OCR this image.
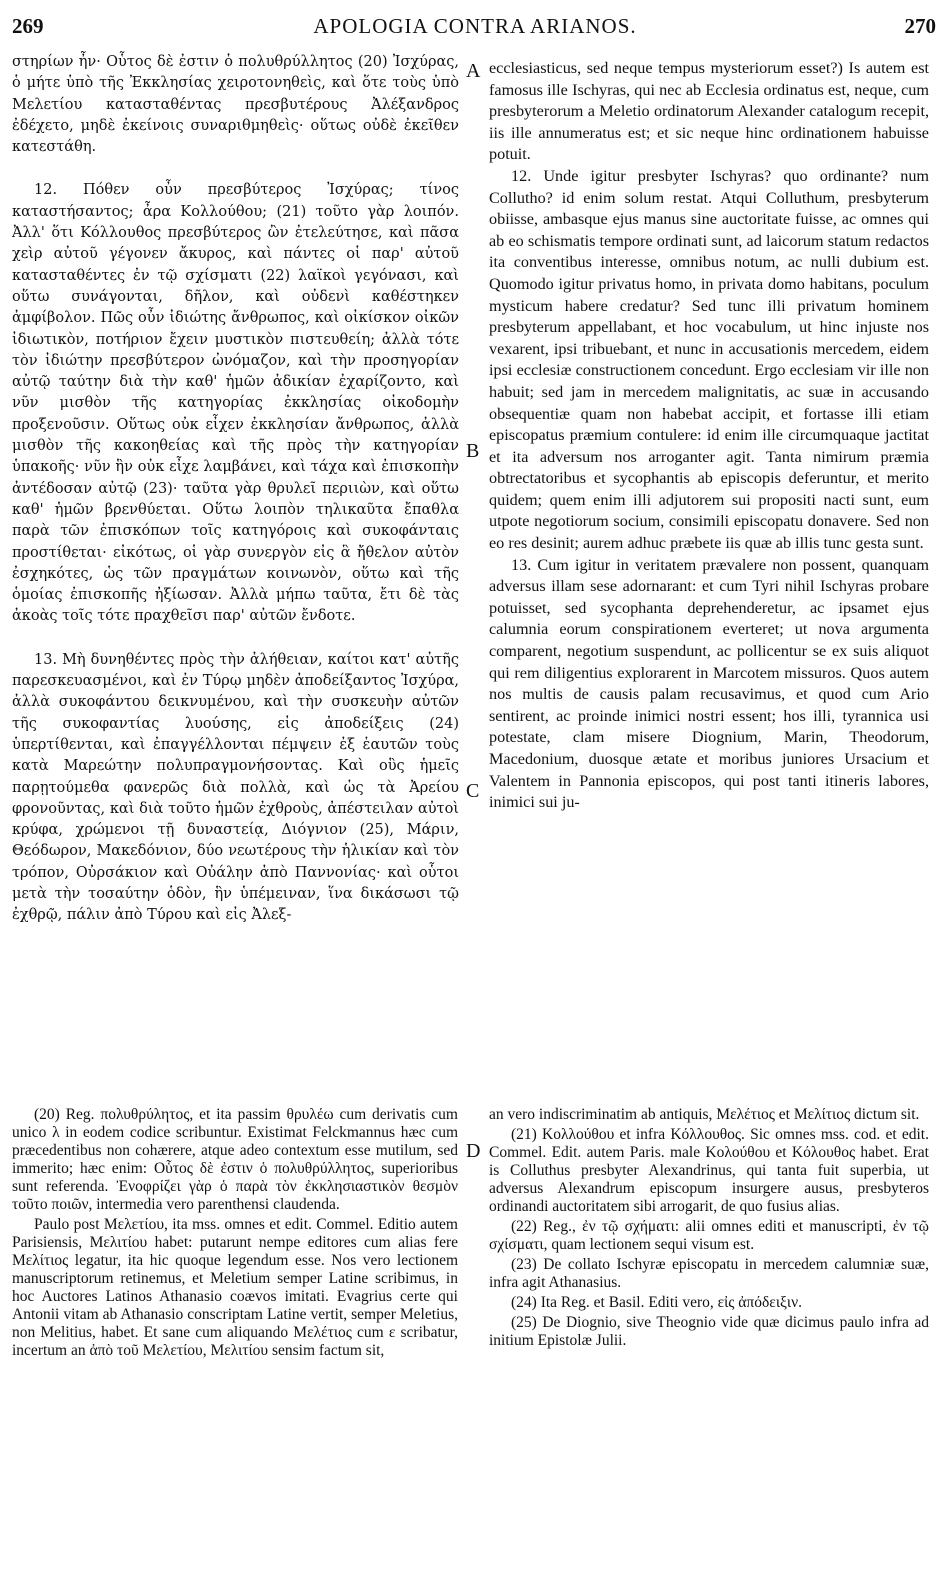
269	APOLOGIA CONTRA ARIANOS.	270
A
B
C
D

στηρίων ἦν· Οὗτος δὲ ἐστιν ὁ πολυθρύλλητος (20) Ἰσχύρας, ὁ μήτε ὑπὸ τῆς Ἐκκλησίας χειροτονηθεὶς, καὶ ὅτε τοὺς ὑπὸ Μελετίου κατασταθέντας πρεσβυτέρους Ἀλέξανδρος ἐδέχετο, μηδὲ ἐκείνοις συναριθμηθεὶς· οὕτως οὐδὲ ἐκεῖθεν κατεστάθη.

12. Πόθεν οὖν πρεσβύτερος Ἰσχύρας; τίνος καταστήσαντος; ἆρα Κολλούθου; (21) τοῦτο γὰρ λοιπόν. Ἀλλ' ὅτι Κόλλουθος πρεσβύτερος ὢν ἐτελεύτησε, καὶ πᾶσα χεὶρ αὐτοῦ γέγονεν ἄκυρος, καὶ πάντες οἱ παρ' αὐτοῦ κατασταθέντες ἐν τῷ σχίσματι (22) λαϊκοὶ γεγόνασι, καὶ οὕτω συνάγονται, δῆλον, καὶ οὐδενὶ καθέστηκεν ἀμφίβολον. Πῶς οὖν ἰδιώτης ἄνθρωπος, καὶ οἰκίσκον οἰκῶν ἰδιωτικὸν, ποτήριον ἔχειν μυστικὸν πιστευθείη; ἀλλὰ τότε τὸν ἰδιώτην πρεσβύτερον ὠνόμαζον, καὶ τὴν προσηγορίαν αὐτῷ ταύτην διὰ τὴν καθ' ἡμῶν ἀδικίαν ἐχαρίζοντο, καὶ νῦν μισθὸν τῆς κατηγορίας ἐκκλησίας οἰκοδομὴν προξενοῦσιν. Οὕτως οὐκ εἶχεν ἐκκλησίαν ἄνθρωπος, ἀλλὰ μισθὸν τῆς κακοηθείας καὶ τῆς πρὸς τὴν κατηγορίαν ὑπακοῆς· νῦν ἣν οὐκ εἶχε λαμβάνει, καὶ τάχα καὶ ἐπισκοπὴν ἀντέδοσαν αὐτῷ (23)· ταῦτα γὰρ θρυλεῖ περιιὼν, καὶ οὕτω καθ' ἡμῶν βρενθύεται. Οὕτω λοιπὸν τηλικαῦτα ἔπαθλα παρὰ τῶν ἐπισκόπων τοῖς κατηγόροις καὶ συκοφάνταις προστίθεται· εἰκότως, οἱ γὰρ συνεργὸν εἰς ἃ ἤθελον αὐτὸν ἐσχηκότες, ὡς τῶν πραγμάτων κοινωνὸν, οὕτω καὶ τῆς ὁμοίας ἐπισκοπῆς ἠξίωσαν. Ἀλλὰ μήπω ταῦτα, ἔτι δὲ τὰς ἀκοὰς τοῖς τότε πραχθεῖσι παρ' αὐτῶν ἔνδοτε.

13. Μὴ δυνηθέντες πρὸς τὴν ἀλήθειαν, καίτοι κατ' αὐτῆς παρεσκευασμένοι, καὶ ἐν Τύρῳ μηδὲν ἀποδείξαντος Ἰσχύρα, ἀλλὰ συκοφάντου δεικνυμένου, καὶ τὴν συσκευὴν αὐτῶν τῆς συκοφαντίας λυούσης, εἰς ἀποδείξεις (24) ὑπερτίθενται, καὶ ἐπαγγέλλονται πέμψειν ἐξ ἑαυτῶν τοὺς κατὰ Μαρεώτην πολυπραγμονήσοντας. Καὶ οὓς ἡμεῖς παρῃτούμεθα φανερῶς διὰ πολλὰ, καὶ ὡς τὰ Ἀρείου φρονοῦντας, καὶ διὰ τοῦτο ἡμῶν ἐχθροὺς, ἀπέστειλαν αὐτοὶ κρύφα, χρώμενοι τῇ δυναστείᾳ, Διόγνιον (25), Μάριν, Θεόδωρον, Μακεδόνιον, δύο νεωτέρους τὴν ἡλικίαν καὶ τὸν τρόπον, Οὐρσάκιον καὶ Οὐάλην ἀπὸ Παννονίας· καὶ οὗτοι μετὰ τὴν τοσαύτην ὁδὸν, ἣν ὑπέμειναν, ἵνα δικάσωσι τῷ ἐχθρῷ, πάλιν ἀπὸ Τύρου καὶ εἰς Ἀλεξ-

ecclesiasticus, sed neque tempus mysteriorum esset?) Is autem est famosus ille Ischyras, qui nec ab Ecclesia ordinatus est, neque, cum presbyterorum a Meletio ordinatorum Alexander catalogum recepit, iis ille annumeratus est; et sic neque hinc ordinationem habuisse potuit.

12. Unde igitur presbyter Ischyras? quo ordinante? num Collutho? id enim solum restat. Atqui Colluthum, presbyterum obiisse, ambasque ejus manus sine auctoritate fuisse, ac omnes qui ab eo schismatis tempore ordinati sunt, ad laicorum statum redactos ita conventibus interesse, omnibus notum, ac nulli dubium est. Quomodo igitur privatus homo, in privata domo habitans, poculum mysticum habere credatur? Sed tunc illi privatum hominem presbyterum appellabant, et hoc vocabulum, ut hinc injuste nos vexarent, ipsi tribuebant, et nunc in accusationis mercedem, eidem ipsi ecclesiæ constructionem concedunt. Ergo ecclesiam vir ille non habuit; sed jam in mercedem malignitatis, ac suæ in accusando obsequentiæ quam non habebat accipit, et fortasse illi etiam episcopatus præmium contulere: id enim ille circumquaque jactitat et ita adversum nos arroganter agit. Tanta nimirum præmia obtrectatoribus et sycophantis ab episcopis deferuntur, et merito quidem; quem enim illi adjutorem sui propositi nacti sunt, eum utpote negotiorum socium, consimili episcopatu donavere. Sed non eo res desinit; aurem adhuc præbete iis quæ ab illis tunc gesta sunt.

13. Cum igitur in veritatem prævalere non possent, quanquam adversus illam sese adornarant: et cum Tyri nihil Ischyras probare potuisset, sed sycophanta deprehenderetur, ac ipsamet ejus calumnia eorum conspirationem everteret; ut nova argumenta comparent, negotium suspendunt, ac pollicentur se ex suis aliquot qui rem diligentius explorarent in Marcotem missuros. Quos autem nos multis de causis palam recusavimus, et quod cum Ario sentirent, ac proinde inimici nostri essent; hos illi, tyrannica usi potestate, clam misere Diognium, Marin, Theodorum, Macedonium, duosque ætate et moribus juniores Ursacium et Valentem in Pannonia episcopos, qui post tanti itineris labores, inimici sui ju-

(20) Reg. πολυθρύλητος, et ita passim θρυλέω cum derivatis cum unico λ in eodem codice scribuntur. Existimat Felckmannus hæc cum præcedentibus non cohærere, atque adeo contextum esse mutilum, sed immerito; hæc enim: Οὗτος δὲ ἐστιν ὁ πολυθρύλλητος, superioribus sunt referenda. Ἐνοφρίζει γὰρ ὁ παρὰ τὸν ἐκκλησιαστικὸν θεσμὸν τοῦτο ποιῶν, intermedia vero parenthensi claudenda.

Paulo post Μελετίου, ita mss. omnes et edit. Commel. Editio autem Parisiensis, Μελιτίου habet: putarunt nempe editores cum alias fere Μελίτιος legatur, ita hic quoque legendum esse. Nos vero lectionem manuscriptorum retinemus, et Meletium semper Latine scribimus, in hoc Auctores Latinos Athanasio coævos imitati. Evagrius certe qui Antonii vitam ab Athanasio conscriptam Latine vertit, semper Meletius, non Melitius, habet. Et sane cum aliquando Μελέτιος cum ε scribatur, incertum an ἀπὸ τοῦ Μελετίου, Μελιτίου sensim factum sit,

an vero indiscriminatim ab antiquis, Μελέτιος et Μελίτιος dictum sit.

(21) Κολλούθου et infra Κόλλουθος. Sic omnes mss. cod. et edit. Commel. Edit. autem Paris. male Κολούθου et Κόλουθος habet. Erat is Colluthus presbyter Alexandrinus, qui tanta fuit superbia, ut adversus Alexandrum episcopum insurgere ausus, presbyteros ordinandi auctoritatem sibi arrogarit, de quo fusius alias.

(22) Reg., ἐν τῷ σχήματι: alii omnes editi et manuscripti, ἐν τῷ σχίσματι, quam lectionem sequi visum est.

(23) De collato Ischyræ episcopatu in mercedem calumniæ suæ, infra agit Athanasius.

(24) Ita Reg. et Basil. Editi vero, εἰς ἀπόδειξιν.

(25) De Diognio, sive Theognio vide quæ dicimus paulo infra ad initium Epistolæ Julii.
